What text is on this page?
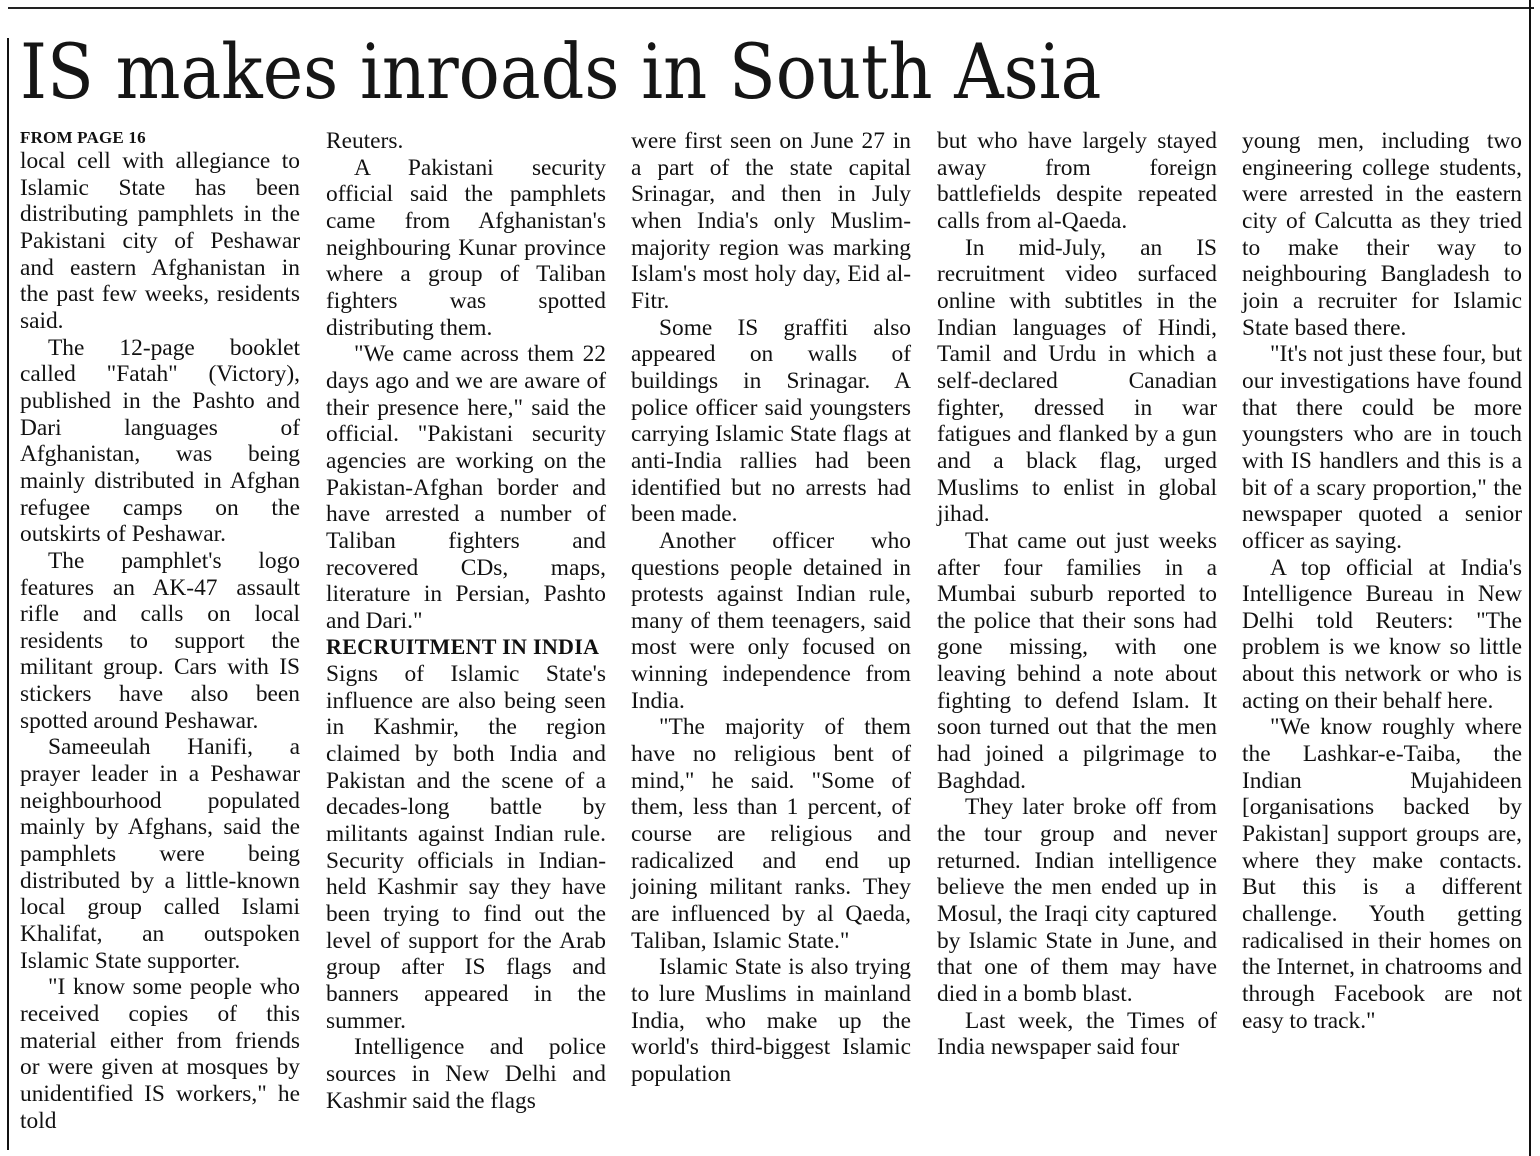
IS makes inroads in South Asia
FROM PAGE 16

local cell with allegiance to Islamic State has been distributing pamphlets in the Pakistani city of Peshawar and eastern Afghanistan in the past few weeks, residents said.

The 12-page booklet called "Fatah" (Victory), published in the Pashto and Dari languages of Afghanistan, was being mainly distributed in Afghan refugee camps on the outskirts of Peshawar.

The pamphlet's logo features an AK-47 assault rifle and calls on local residents to support the militant group. Cars with IS stickers have also been spotted around Peshawar.

Sameeulah Hanifi, a prayer leader in a Peshawar neighbourhood populated mainly by Afghans, said the pamphlets were being distributed by a little-known local group called Islami Khalifat, an outspoken Islamic State supporter.

"I know some people who received copies of this material either from friends or were given at mosques by unidentified IS workers," he told

Reuters.

A Pakistani security official said the pamphlets came from Afghanistan's neighbouring Kunar province where a group of Taliban fighters was spotted distributing them.

"We came across them 22 days ago and we are aware of their presence here," said the official. "Pakistani security agencies are working on the Pakistan-Afghan border and have arrested a number of Taliban fighters and recovered CDs, maps, literature in Persian, Pashto and Dari."

RECRUITMENT IN INDIA

Signs of Islamic State's influence are also being seen in Kashmir, the region claimed by both India and Pakistan and the scene of a decades-long battle by militants against Indian rule. Security officials in Indian-held Kashmir say they have been trying to find out the level of support for the Arab group after IS flags and banners appeared in the summer.

Intelligence and police sources in New Delhi and Kashmir said the flags

were first seen on June 27 in a part of the state capital Srinagar, and then in July when India's only Muslim-majority region was marking Islam's most holy day, Eid al-Fitr.

Some IS graffiti also appeared on walls of buildings in Srinagar. A police officer said youngsters carrying Islamic State flags at anti-India rallies had been identified but no arrests had been made.

Another officer who questions people detained in protests against Indian rule, many of them teenagers, said most were only focused on winning independence from India.

"The majority of them have no religious bent of mind," he said. "Some of them, less than 1 percent, of course are religious and radicalized and end up joining militant ranks. They are influenced by al Qaeda, Taliban, Islamic State."

Islamic State is also trying to lure Muslims in mainland India, who make up the world's third-biggest Islamic population

but who have largely stayed away from foreign battlefields despite repeated calls from al-Qaeda.

In mid-July, an IS recruitment video surfaced online with subtitles in the Indian languages of Hindi, Tamil and Urdu in which a self-declared Canadian fighter, dressed in war fatigues and flanked by a gun and a black flag, urged Muslims to enlist in global jihad.

That came out just weeks after four families in a Mumbai suburb reported to the police that their sons had gone missing, with one leaving behind a note about fighting to defend Islam. It soon turned out that the men had joined a pilgrimage to Baghdad.

They later broke off from the tour group and never returned. Indian intelligence believe the men ended up in Mosul, the Iraqi city captured by Islamic State in June, and that one of them may have died in a bomb blast.

Last week, the Times of India newspaper said four

young men, including two engineering college students, were arrested in the eastern city of Calcutta as they tried to make their way to neighbouring Bangladesh to join a recruiter for Islamic State based there.

"It's not just these four, but our investigations have found that there could be more youngsters who are in touch with IS handlers and this is a bit of a scary proportion," the newspaper quoted a senior officer as saying.

A top official at India's Intelligence Bureau in New Delhi told Reuters: "The problem is we know so little about this network or who is acting on their behalf here.

"We know roughly where the Lashkar-e-Taiba, the Indian Mujahideen [organisations backed by Pakistan] support groups are, where they make contacts. But this is a different challenge. Youth getting radicalised in their homes on the Internet, in chatrooms and through Facebook are not easy to track."
